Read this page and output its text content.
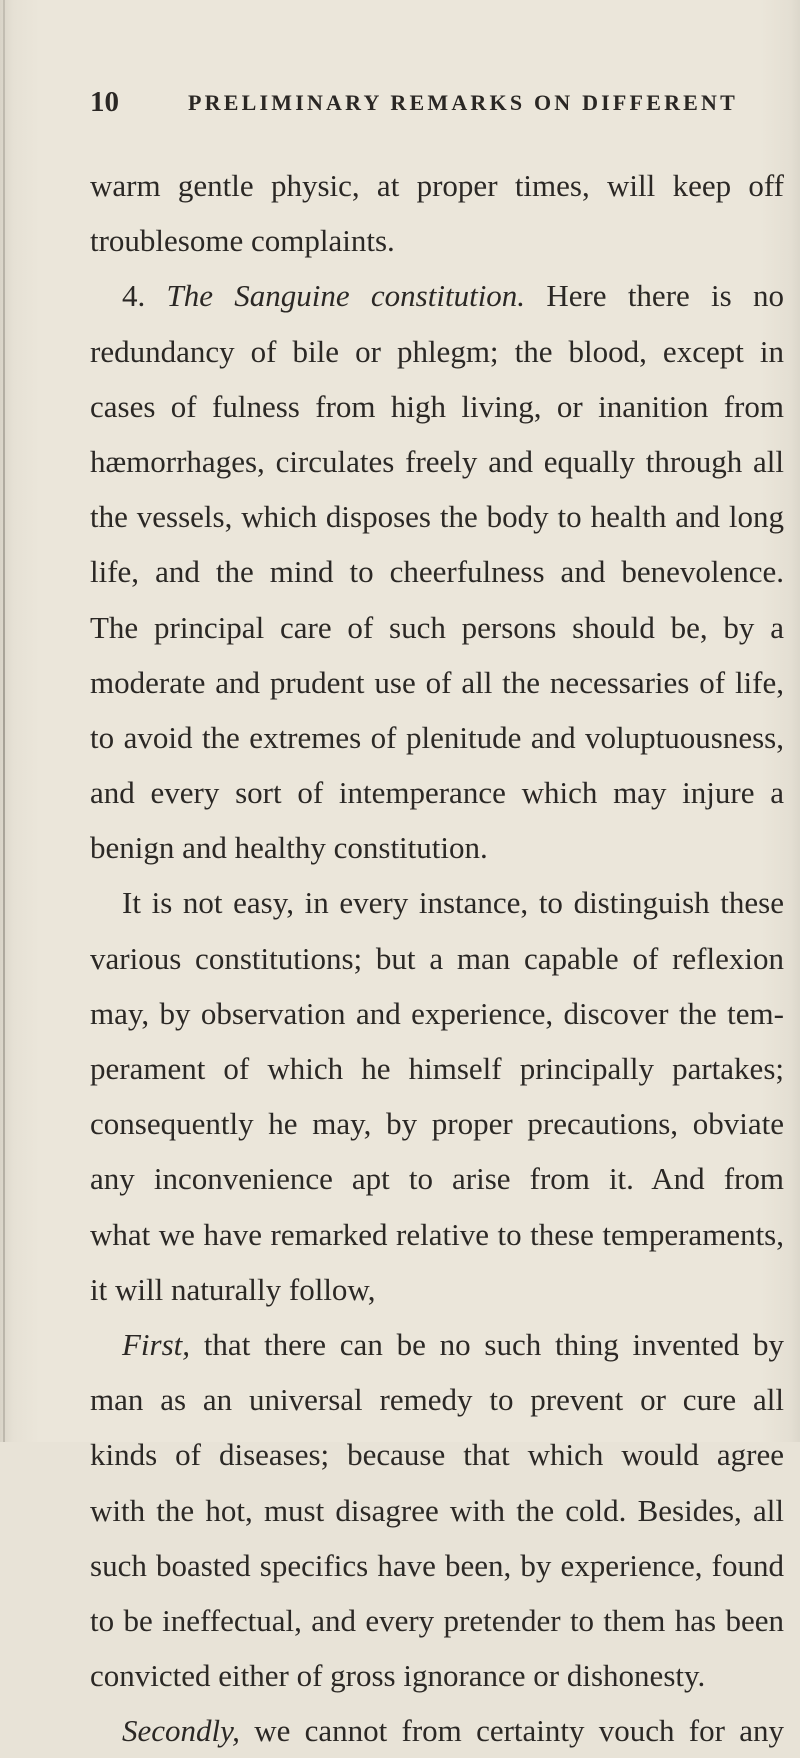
10	PRELIMINARY REMARKS ON DIFFERENT
warm gentle physic, at proper times, will keep off
troublesome complaints.
4. The Sanguine constitution. Here there is no
redundancy of bile or phlegm; the blood, except in
cases of fulness from high living, or inanition from
hæmorrhages, circulates freely and equally through all
the vessels, which disposes the body to health and long
life, and the mind to cheerfulness and benevolence.
The principal care of such persons should be, by a
moderate and prudent use of all the necessaries of life,
to avoid the extremes of plenitude and voluptuousness,
and every sort of intemperance which may injure a
benign and healthy constitution.
It is not easy, in every instance, to distinguish these
various constitutions; but a man capable of reflexion
may, by observation and experience, discover the tem-
perament of which he himself principally partakes;
consequently he may, by proper precautions, obviate
any inconvenience apt to arise from it. And from
what we have remarked relative to these temperaments,
it will naturally follow,
First, that there can be no such thing invented by
man as an universal remedy to prevent or cure all
kinds of diseases; because that which would agree
with the hot, must disagree with the cold. Besides, all
such boasted specifics have been, by experience, found
to be ineffectual, and every pretender to them has been
convicted either of gross ignorance or dishonesty.
Secondly, we cannot from certainty vouch for any
